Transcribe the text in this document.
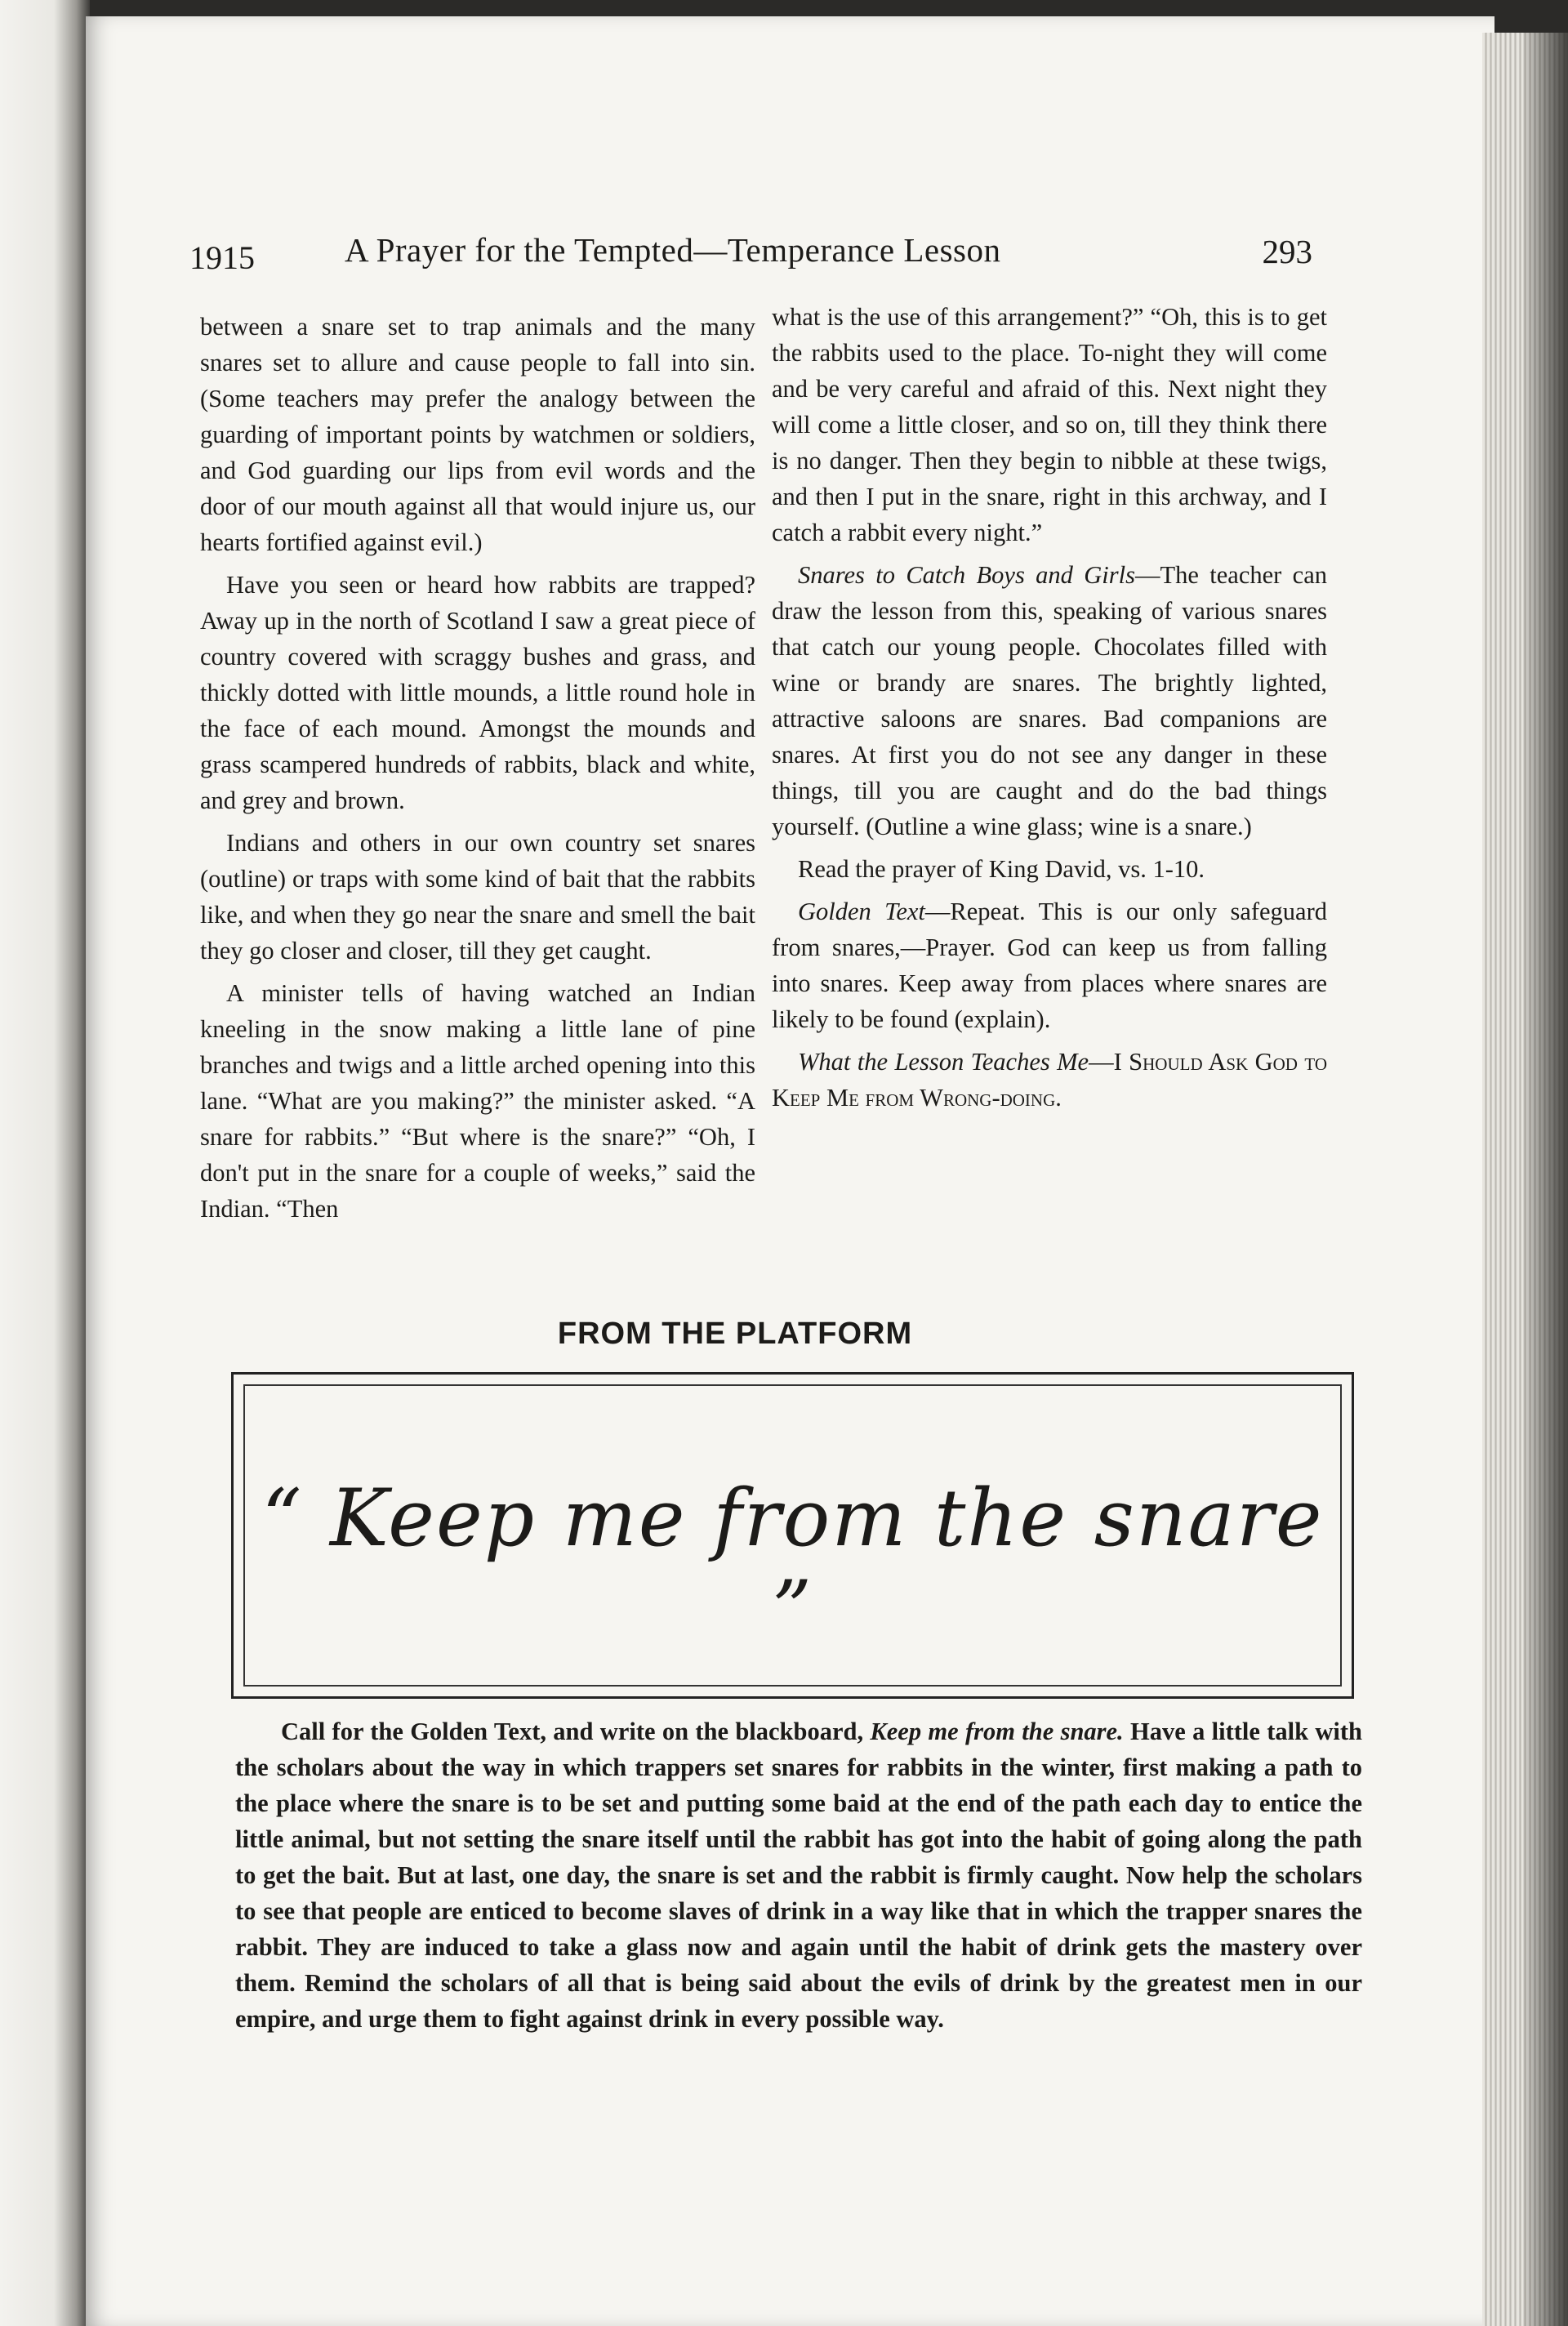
1915	A Prayer for the Tempted—Temperance Lesson	293

between a snare set to trap animals and the many snares set to allure and cause people to fall into sin. (Some teachers may prefer the analogy between the guarding of important points by watchmen or soldiers, and God guarding our lips from evil words and the door of our mouth against all that would injure us, our hearts fortified against evil.)

Have you seen or heard how rabbits are trapped? Away up in the north of Scotland I saw a great piece of country covered with scraggy bushes and grass, and thickly dotted with little mounds, a little round hole in the face of each mound. Amongst the mounds and grass scampered hundreds of rabbits, black and white, and grey and brown.

Indians and others in our own country set snares (outline) or traps with some kind of bait that the rabbits like, and when they go near the snare and smell the bait they go closer and closer, till they get caught.

A minister tells of having watched an Indian kneeling in the snow making a little lane of pine branches and twigs and a little arched opening into this lane. “What are you making?” the minister asked. “A snare for rabbits.” “But where is the snare?” “Oh, I don't put in the snare for a couple of weeks,” said the Indian. “Then

what is the use of this arrangement?” “Oh, this is to get the rabbits used to the place. To-night they will come and be very careful and afraid of this. Next night they will come a little closer, and so on, till they think there is no danger. Then they begin to nibble at these twigs, and then I put in the snare, right in this archway, and I catch a rabbit every night.”

Snares to Catch Boys and Girls—The teacher can draw the lesson from this, speaking of various snares that catch our young people. Chocolates filled with wine or brandy are snares. The brightly lighted, attractive saloons are snares. Bad companions are snares. At first you do not see any danger in these things, till you are caught and do the bad things yourself. (Outline a wine glass; wine is a snare.)

Read the prayer of King David, vs. 1-10.

Golden Text—Repeat. This is our only safeguard from snares,—Prayer. God can keep us from falling into snares. Keep away from places where snares are likely to be found (explain).

What the Lesson Teaches Me—I Should Ask God to Keep Me from Wrong-doing.

FROM THE PLATFORM
“ Keep me from the snare ”
Call for the Golden Text, and write on the blackboard, Keep me from the snare. Have a little talk with the scholars about the way in which trappers set snares for rabbits in the winter, first making a path to the place where the snare is to be set and putting some baid at the end of the path each day to entice the little animal, but not setting the snare itself until the rabbit has got into the habit of going along the path to get the bait. But at last, one day, the snare is set and the rabbit is firmly caught. Now help the scholars to see that people are enticed to become slaves of drink in a way like that in which the trapper snares the rabbit. They are induced to take a glass now and again until the habit of drink gets the mastery over them. Remind the scholars of all that is being said about the evils of drink by the greatest men in our empire, and urge them to fight against drink in every possible way.
